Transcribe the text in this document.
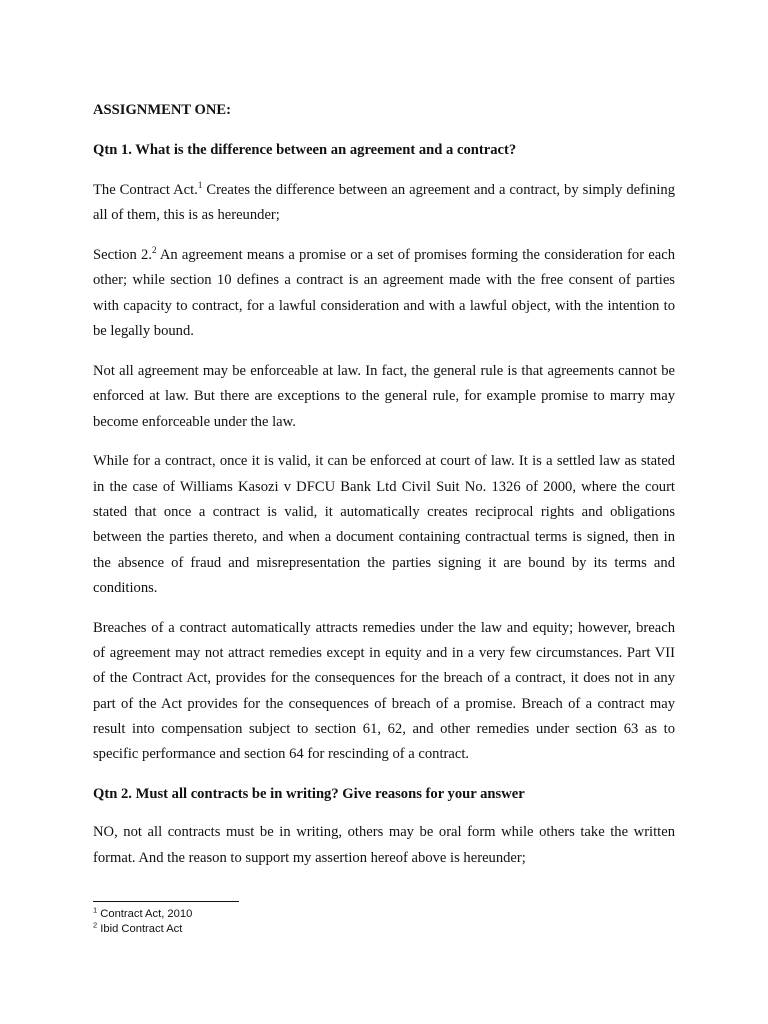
ASSIGNMENT ONE:

Qtn 1. What is the difference between an agreement and a contract?

The Contract Act.$^1$ Creates the difference between an agreement and a contract, by simply defining all of them, this is as hereunder;

Section 2.$^2$ An agreement means a promise or a set of promises forming the consideration for each other; while section 10 defines a contract is an agreement made with the free consent of parties with capacity to contract, for a lawful consideration and with a lawful object, with the intention to be legally bound.

Not all agreement may be enforceable at law. In fact, the general rule is that agreements cannot be enforced at law. But there are exceptions to the general rule, for example promise to marry may become enforceable under the law.

While for a contract, once it is valid, it can be enforced at court of law. It is a settled law as stated in the case of Williams Kasozi v DFCU Bank Ltd Civil Suit No. 1326 of 2000, where the court stated that once a contract is valid, it automatically creates reciprocal rights and obligations between the parties thereto, and when a document containing contractual terms is signed, then in the absence of fraud and misrepresentation the parties signing it are bound by its terms and conditions.

Breaches of a contract automatically attracts remedies under the law and equity; however, breach of agreement may not attract remedies except in equity and in a very few circumstances. Part VII of the Contract Act, provides for the consequences for the breach of a contract, it does not in any part of the Act provides for the consequences of breach of a promise. Breach of a contract may result into compensation subject to section 61, 62, and other remedies under section 63 as to specific performance and section 64 for rescinding of a contract.

Qtn 2. Must all contracts be in writing? Give reasons for your answer

NO, not all contracts must be in writing, others may be oral form while others take the written format. And the reason to support my assertion hereof above is hereunder;

$^1$ Contract Act, 2010

$^2$ Ibid Contract Act
